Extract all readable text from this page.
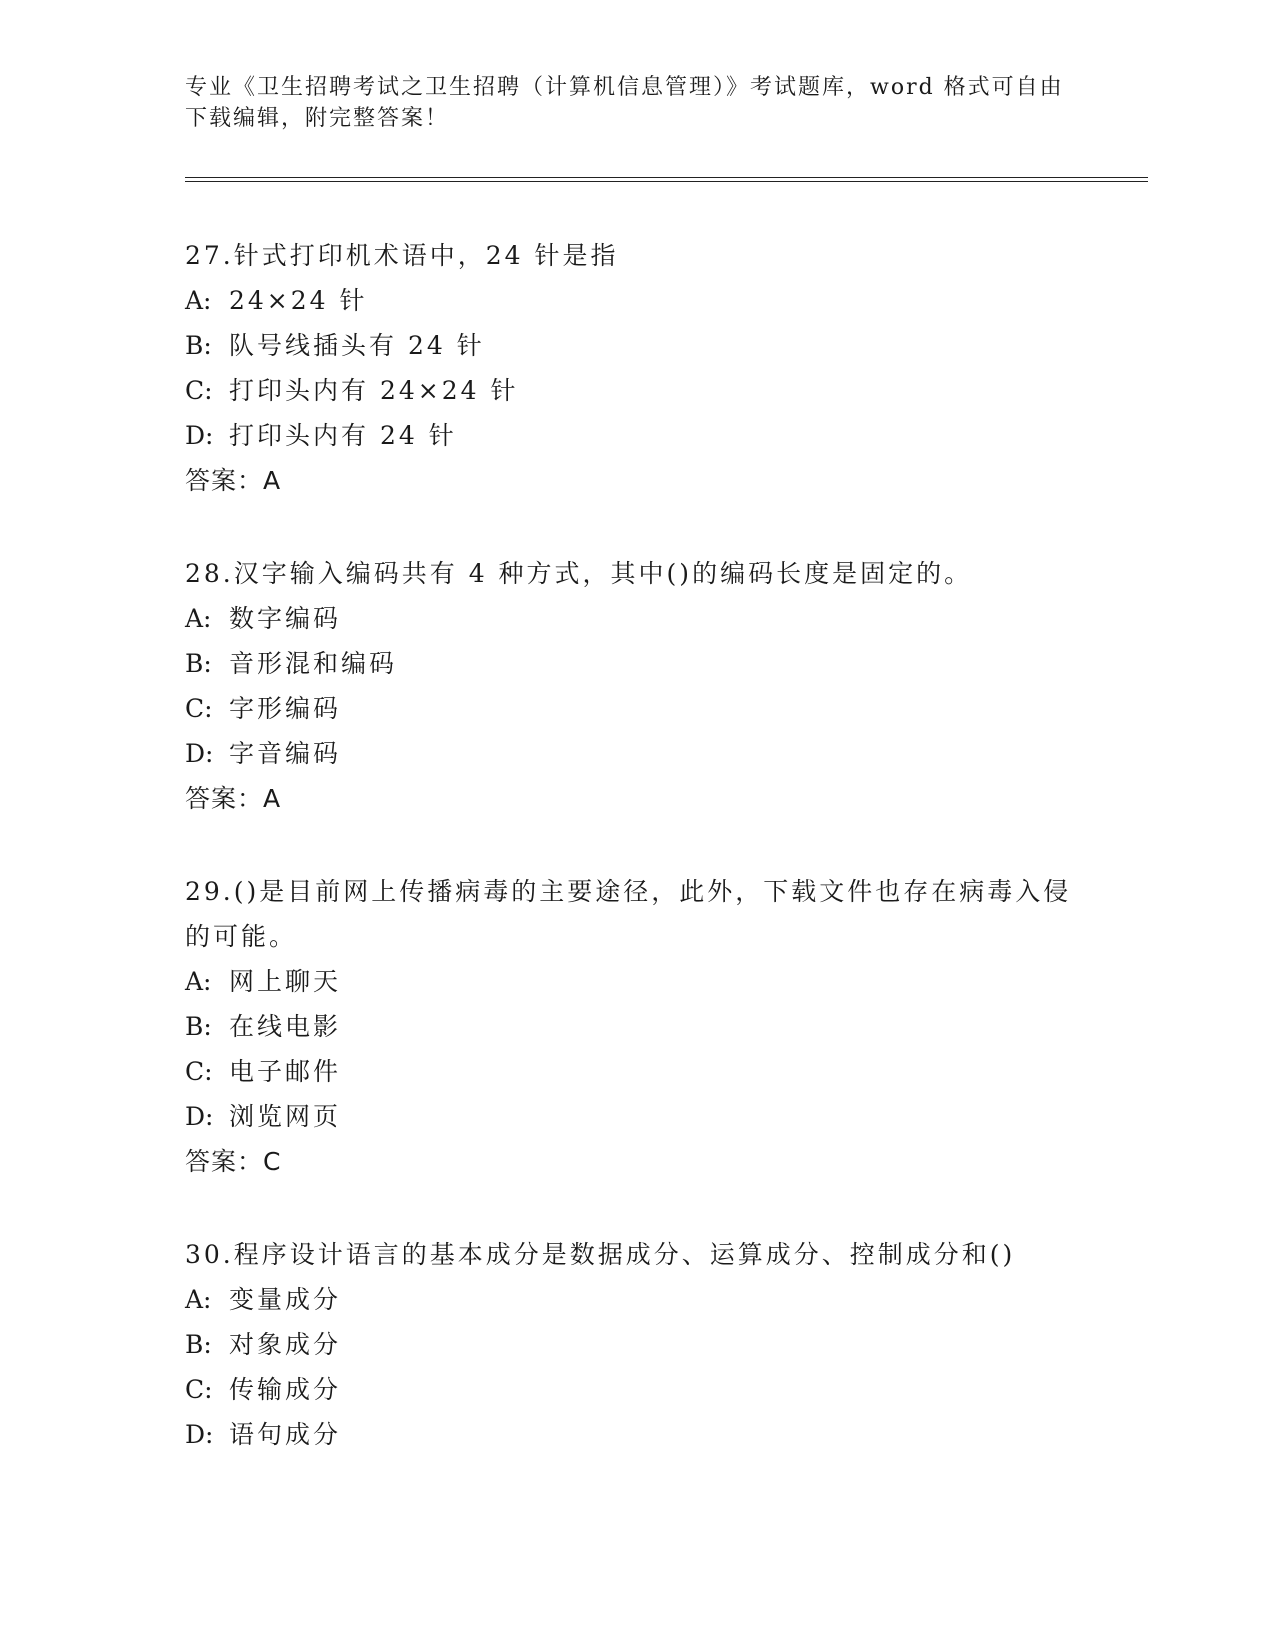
专业《卫生招聘考试之卫生招聘（计算机信息管理）》考试题库，word 格式可自由下载编辑，附完整答案！
27.针式打印机术语中，24 针是指
A: 24×24 针
B: 队号线插头有 24 针
C: 打印头内有 24×24 针
D: 打印头内有 24 针
答案：A
28.汉字输入编码共有 4 种方式，其中()的编码长度是固定的。
A: 数字编码
B: 音形混和编码
C: 字形编码
D: 字音编码
答案：A
29.()是目前网上传播病毒的主要途径，此外，下载文件也存在病毒入侵的可能。
A: 网上聊天
B: 在线电影
C: 电子邮件
D: 浏览网页
答案：C
30.程序设计语言的基本成分是数据成分、运算成分、控制成分和()
A: 变量成分
B: 对象成分
C: 传输成分
D: 语句成分
